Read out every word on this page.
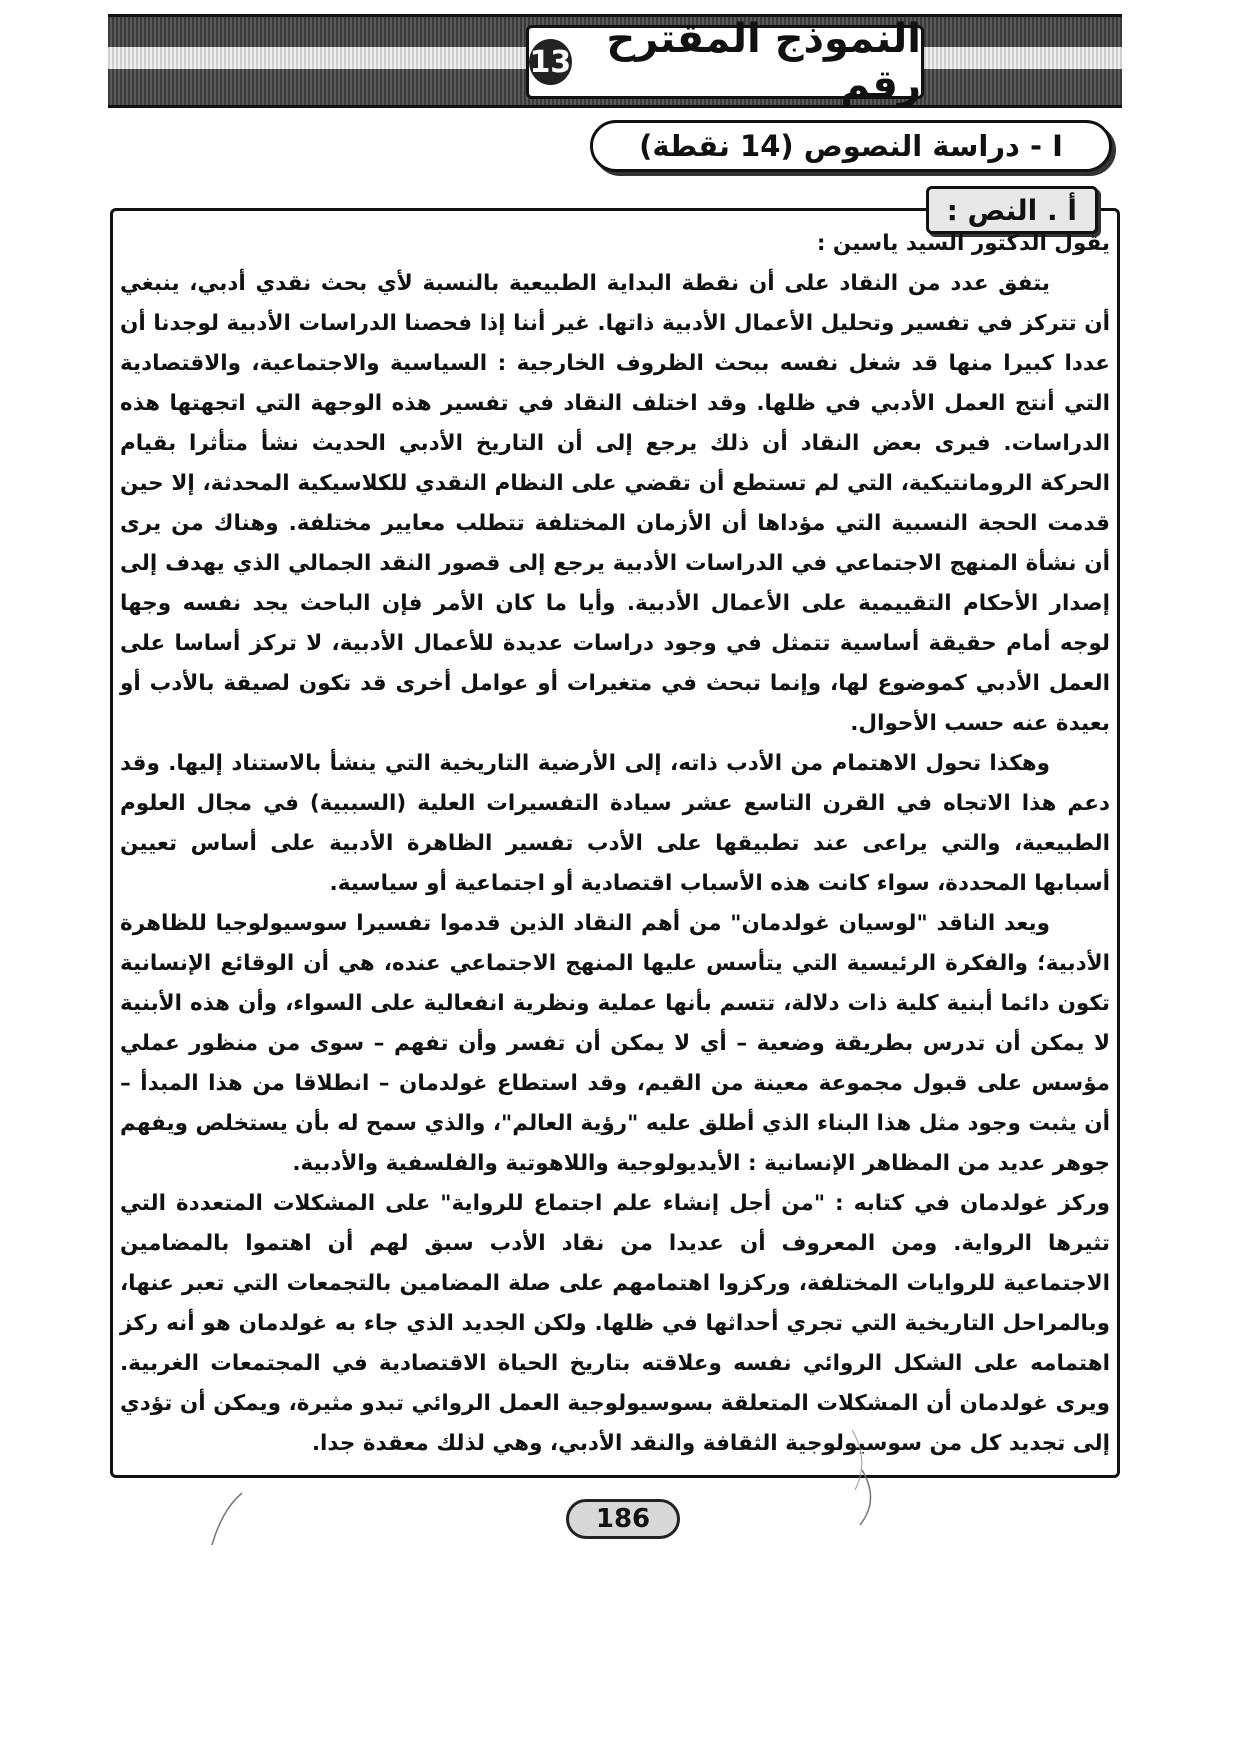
النموذج المقترح رقم
13
I - دراسة النصوص (14 نقطة)
أ . النص :

يقول الدكتور السيد ياسين :

يتفق عدد من النقاد على أن نقطة البداية الطبيعية بالنسبة لأي بحث نقدي أدبي، ينبغي أن تتركز في تفسير وتحليل الأعمال الأدبية ذاتها. غير أننا إذا فحصنا الدراسات الأدبية لوجدنا أن عددا كبيرا منها قد شغل نفسه ببحث الظروف الخارجية : السياسية والاجتماعية، والاقتصادية التي أنتج العمل الأدبي في ظلها. وقد اختلف النقاد في تفسير هذه الوجهة التي اتجهتها هذه الدراسات. فيرى بعض النقاد أن ذلك يرجع إلى أن التاريخ الأدبي الحديث نشأ متأثرا بقيام الحركة الرومانتيكية، التي لم تستطع أن تقضي على النظام النقدي للكلاسيكية المحدثة، إلا حين قدمت الحجة النسبية التي مؤداها أن الأزمان المختلفة تتطلب معايير مختلفة. وهناك من يرى أن نشأة المنهج الاجتماعي في الدراسات الأدبية يرجع إلى قصور النقد الجمالي الذي يهدف إلى إصدار الأحكام التقييمية على الأعمال الأدبية. وأيا ما كان الأمر فإن الباحث يجد نفسه وجها لوجه أمام حقيقة أساسية تتمثل في وجود دراسات عديدة للأعمال الأدبية، لا تركز أساسا على العمل الأدبي كموضوع لها، وإنما تبحث في متغيرات أو عوامل أخرى قد تكون لصيقة بالأدب أو بعيدة عنه حسب الأحوال.

وهكذا تحول الاهتمام من الأدب ذاته، إلى الأرضية التاريخية التي ينشأ بالاستناد إليها. وقد دعم هذا الاتجاه في القرن التاسع عشر سيادة التفسيرات العلية (السببية) في مجال العلوم الطبيعية، والتي يراعى عند تطبيقها على الأدب تفسير الظاهرة الأدبية على أساس تعيين أسبابها المحددة، سواء كانت هذه الأسباب اقتصادية أو اجتماعية أو سياسية.

ويعد الناقد "لوسيان غولدمان" من أهم النقاد الذين قدموا تفسيرا سوسيولوجيا للظاهرة الأدبية؛ والفكرة الرئيسية التي يتأسس عليها المنهج الاجتماعي عنده، هي أن الوقائع الإنسانية تكون دائما أبنية كلية ذات دلالة، تتسم بأنها عملية ونظرية انفعالية على السواء، وأن هذه الأبنية لا يمكن أن تدرس بطريقة وضعية – أي لا يمكن أن تفسر وأن تفهم – سوى من منظور عملي مؤسس على قبول مجموعة معينة من القيم، وقد استطاع غولدمان – انطلاقا من هذا المبدأ – أن يثبت وجود مثل هذا البناء الذي أطلق عليه "رؤية العالم"، والذي سمح له بأن يستخلص ويفهم جوهر عديد من المظاهر الإنسانية : الأيديولوجية واللاهوتية والفلسفية والأدبية.

وركز غولدمان في كتابه : "من أجل إنشاء علم اجتماع للرواية" على المشكلات المتعددة التي تثيرها الرواية. ومن المعروف أن عديدا من نقاد الأدب سبق لهم أن اهتموا بالمضامين الاجتماعية للروايات المختلفة، وركزوا اهتمامهم على صلة المضامين بالتجمعات التي تعبر عنها، وبالمراحل التاريخية التي تجري أحداثها في ظلها. ولكن الجديد الذي جاء به غولدمان هو أنه ركز اهتمامه على الشكل الروائي نفسه وعلاقته بتاريخ الحياة الاقتصادية في المجتمعات الغربية. ويرى غولدمان أن المشكلات المتعلقة بسوسيولوجية العمل الروائي تبدو مثيرة، ويمكن أن تؤدي إلى تجديد كل من سوسيولوجية الثقافة والنقد الأدبي، وهي لذلك معقدة جدا.

186
